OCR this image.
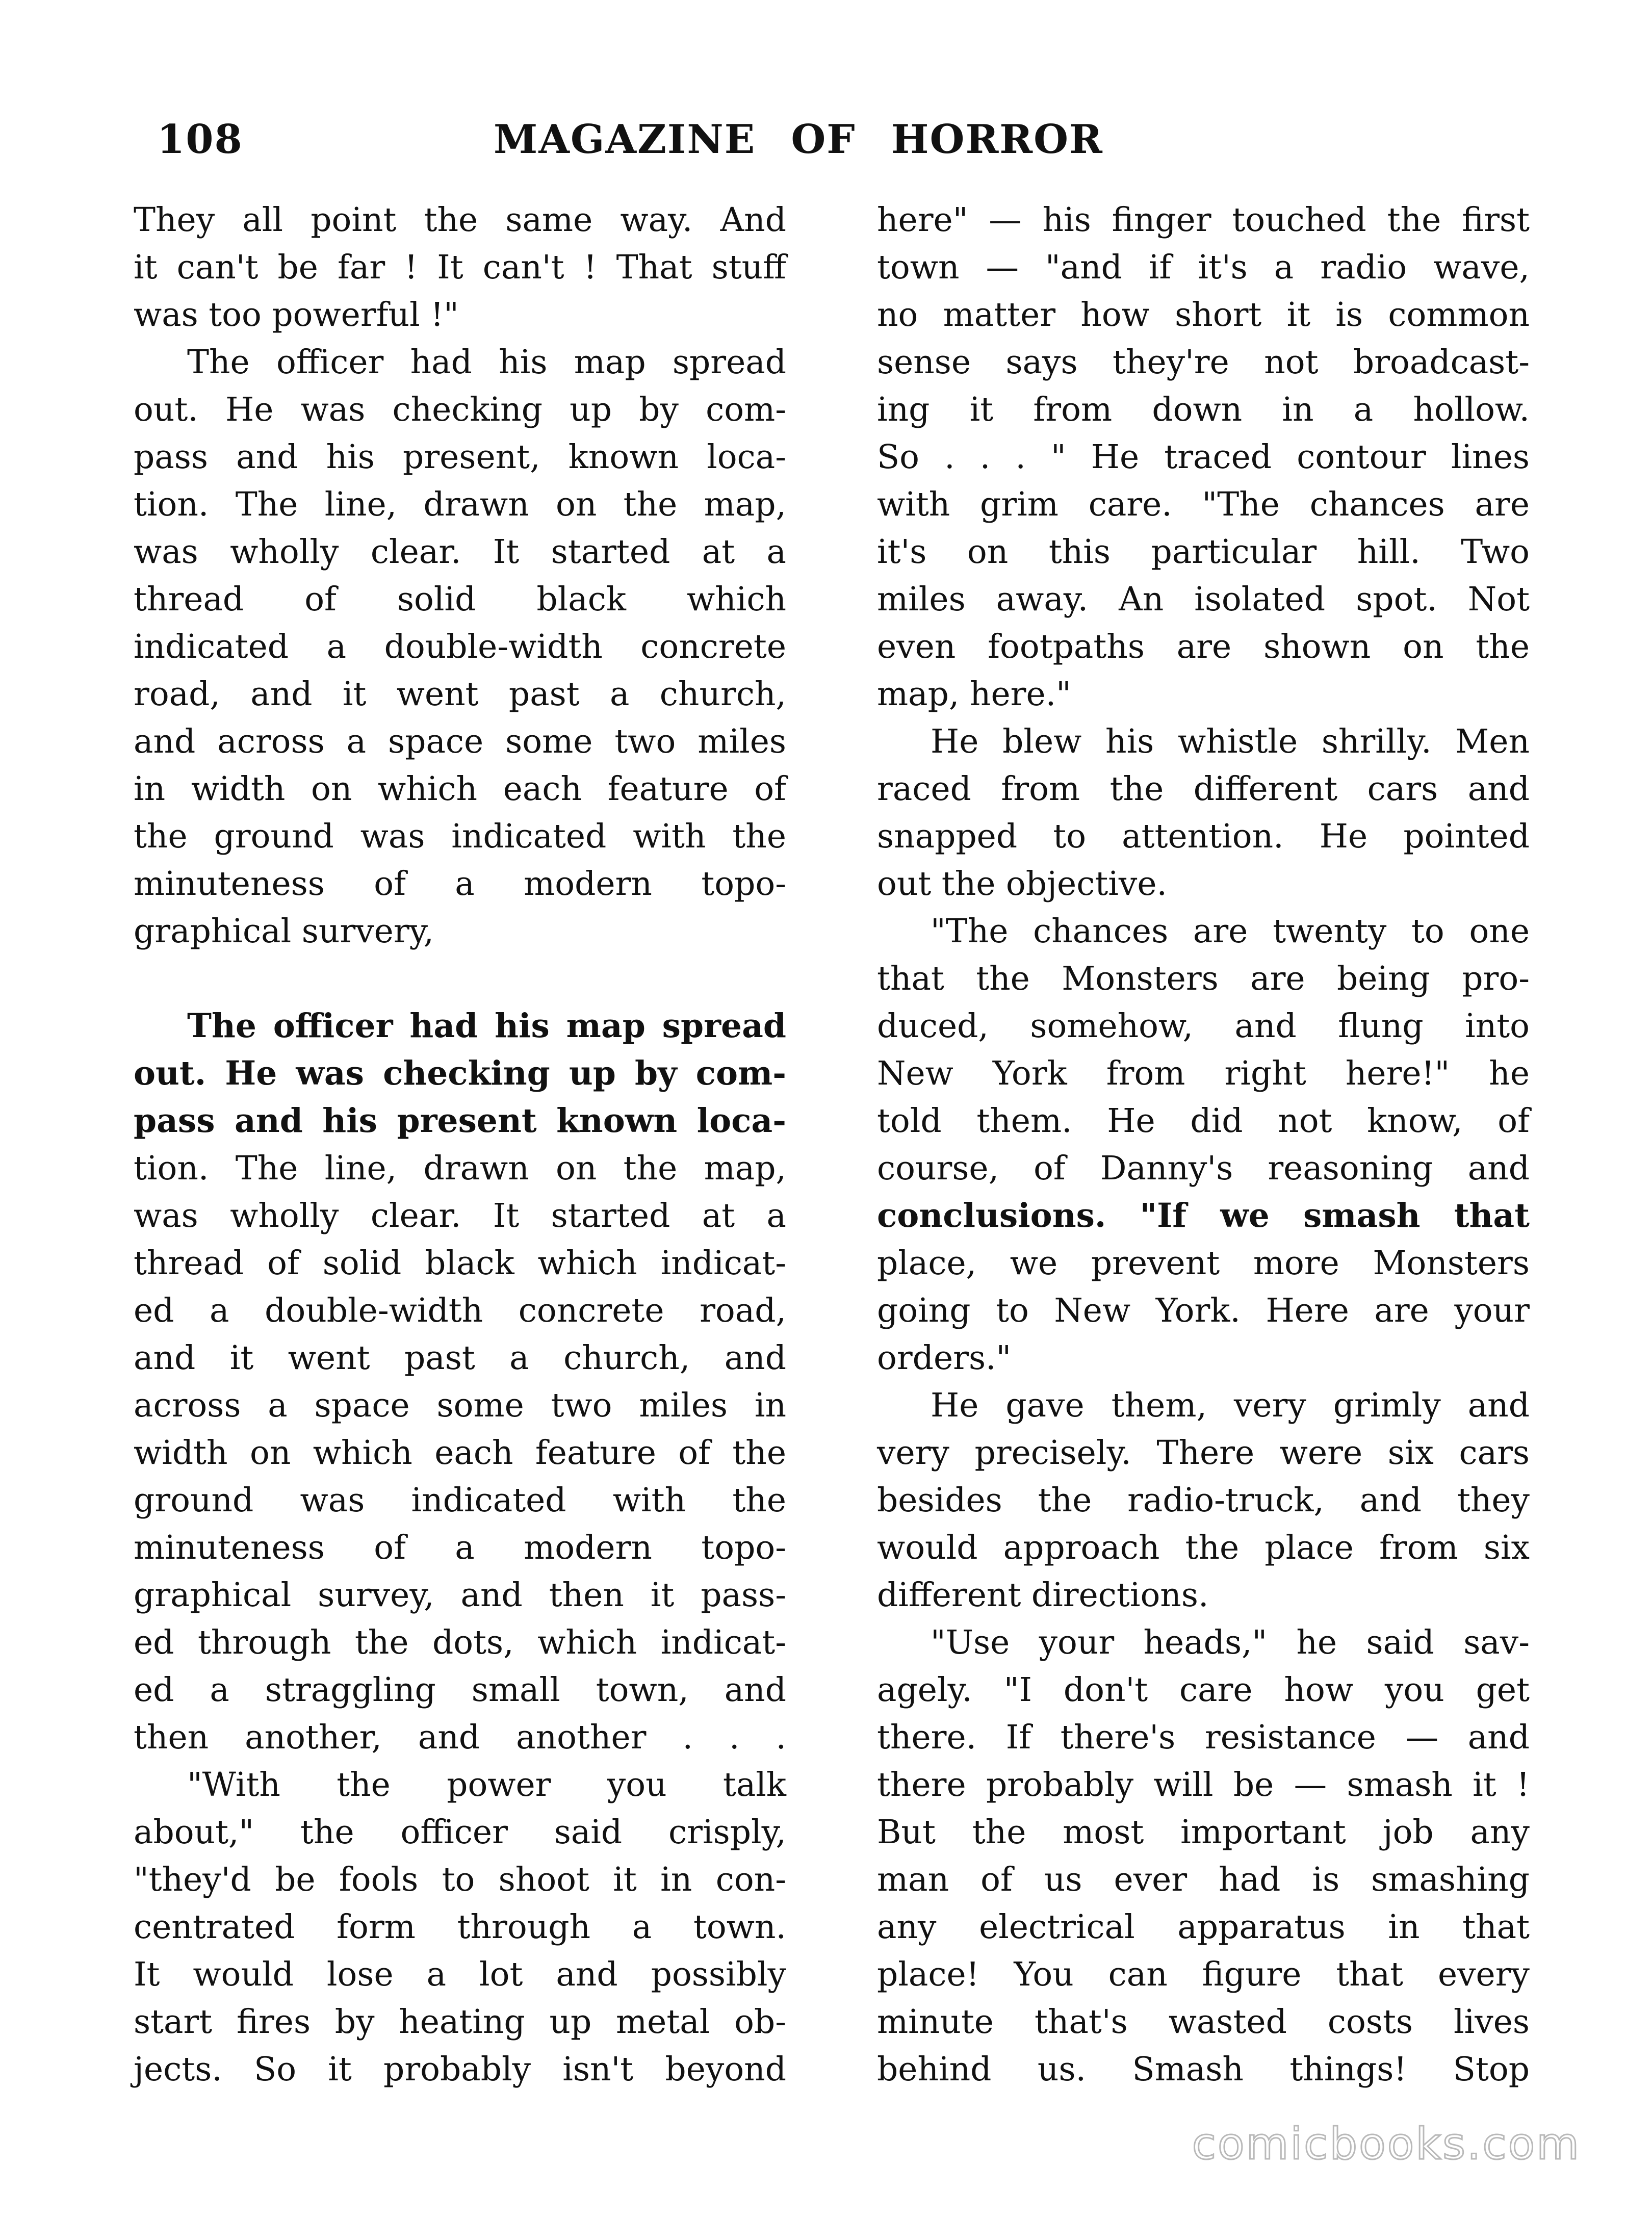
108	MAGAZINE OF HORROR
They all point the same way. And
it can't be far ! It can't ! That stuff
was too powerful !"
The officer had his map spread
out. He was checking up by com-
pass and his present, known loca-
tion. The line, drawn on the map,
was wholly clear. It started at a
thread of solid black which
indicated a double-width concrete
road, and it went past a church,
and across a space some two miles
in width on which each feature of
the ground was indicated with the
minuteness of a modern topo-
graphical survery,
The officer had his map spread
out. He was checking up by com-
pass and his present known loca-
tion. The line, drawn on the map,
was wholly clear. It started at a
thread of solid black which indicat-
ed a double-width concrete road,
and it went past a church, and
across a space some two miles in
width on which each feature of the
ground was indicated with the
minuteness of a modern topo-
graphical survey, and then it pass-
ed through the dots, which indicat-
ed a straggling small town, and
then another, and another . . .
"With the power you talk
about," the officer said crisply,
"they'd be fools to shoot it in con-
centrated form through a town.
It would lose a lot and possibly
start fires by heating up metal ob-
jects. So it probably isn't beyond
here" — his finger touched the first
town — "and if it's a radio wave,
no matter how short it is common
sense says they're not broadcast-
ing it from down in a hollow.
So . . . " He traced contour lines
with grim care. "The chances are
it's on this particular hill. Two
miles away. An isolated spot. Not
even footpaths are shown on the
map, here."
He blew his whistle shrilly. Men
raced from the different cars and
snapped to attention. He pointed
out the objective.
"The chances are twenty to one
that the Monsters are being pro-
duced, somehow, and flung into
New York from right here!" he
told them. He did not know, of
course, of Danny's reasoning and
conclusions. "If we smash that
place, we prevent more Monsters
going to New York. Here are your
orders."
He gave them, very grimly and
very precisely. There were six cars
besides the radio-truck, and they
would approach the place from six
different directions.
"Use your heads," he said sav-
agely. "I don't care how you get
there. If there's resistance — and
there probably will be — smash it !
But the most important job any
man of us ever had is smashing
any electrical apparatus in that
place! You can figure that every
minute that's wasted costs lives
behind us. Smash things! Stop
comicbooks.com
